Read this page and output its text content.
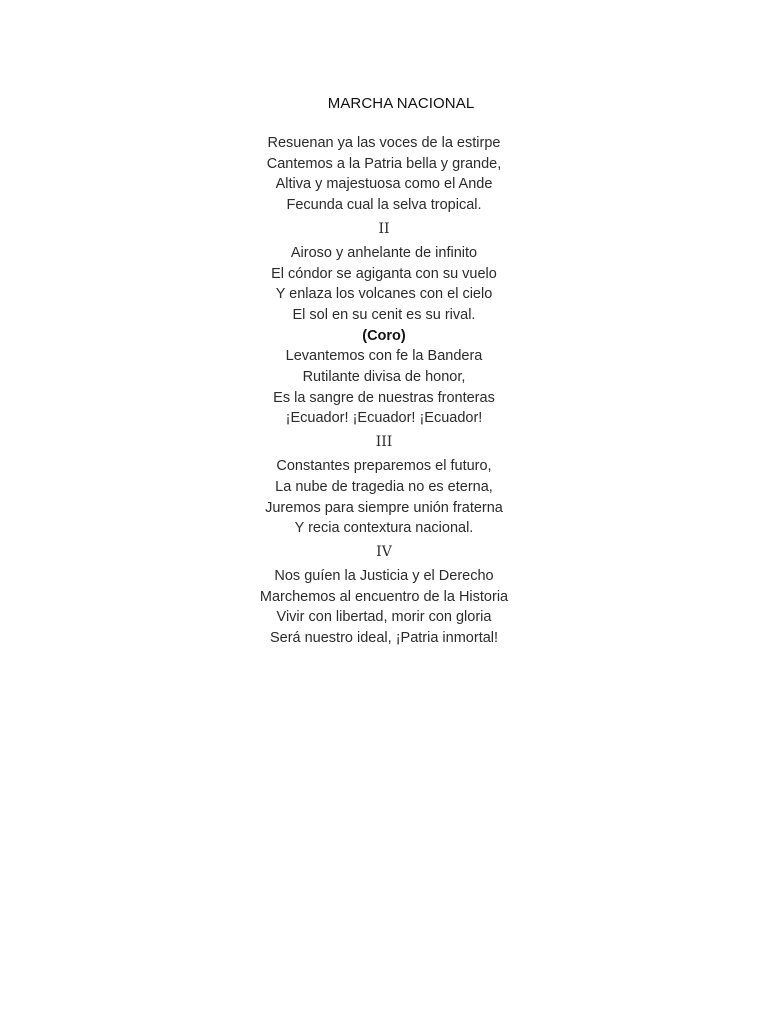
MARCHA NACIONAL
Resuenan ya las voces de la estirpe
Cantemos a la Patria bella y grande,
Altiva y majestuosa como el Ande
Fecunda cual la selva tropical.
II
Airoso y anhelante de infinito
El cóndor se agiganta con su vuelo
Y enlaza los volcanes con el cielo
El sol en su cenit es su rival.
(Coro)
Levantemos con fe la Bandera
Rutilante divisa de honor,
Es la sangre de nuestras fronteras
¡Ecuador! ¡Ecuador! ¡Ecuador!
III
Constantes preparemos el futuro,
La nube de tragedia no es eterna,
Juremos para siempre unión fraterna
Y recia contextura nacional.
IV
Nos guíen la Justicia y el Derecho
Marchemos al encuentro de la Historia
Vivir con libertad, morir con gloria
Será nuestro ideal, ¡Patria inmortal!
